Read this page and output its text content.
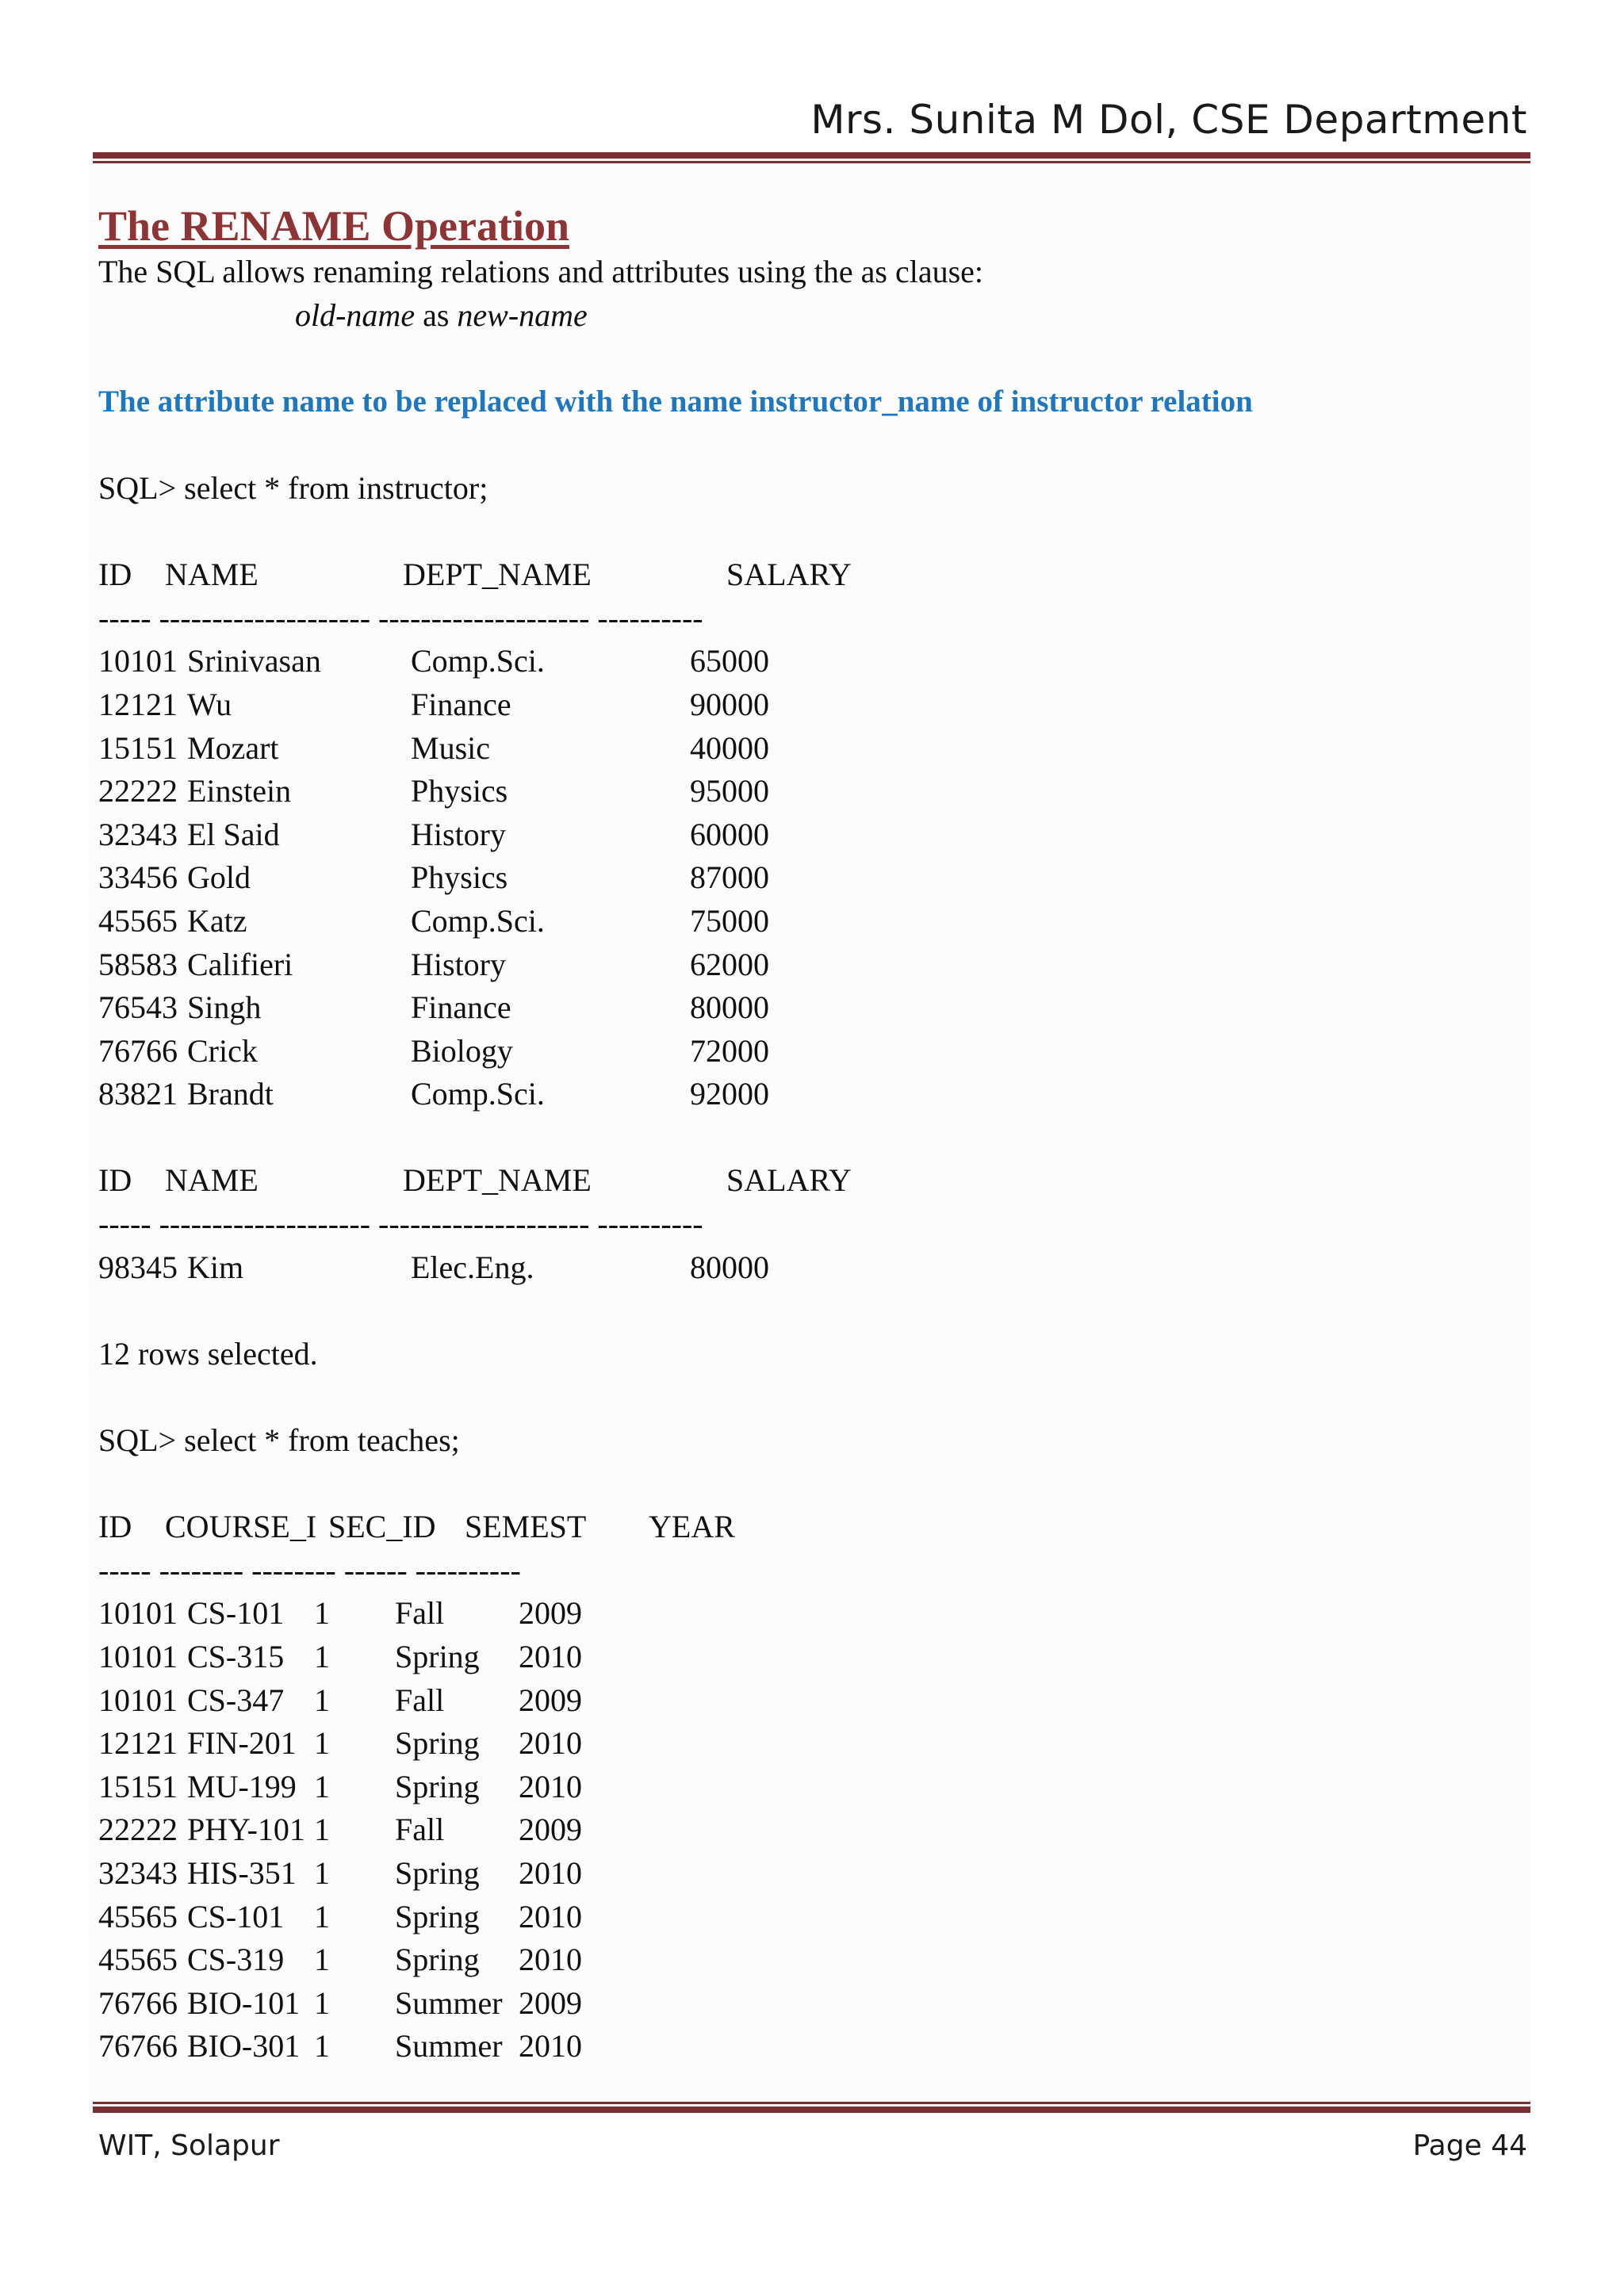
Mrs. Sunita M Dol, CSE Department
The RENAME Operation
The SQL allows renaming relations and attributes using the as clause:
old-name as new-name
The attribute name to be replaced with the name instructor_name of instructor relation
SQL> select * from instructor;
ID NAME	DEPT_NAME	SALARY
----- -------------------- -------------------- ----------
10101 Srinivasan	Comp.Sci.	65000
12121 Wu	Finance	90000
15151 Mozart	Music	40000
22222 Einstein	Physics	95000
32343 El Said	History	60000
33456 Gold	Physics	87000
45565 Katz	Comp.Sci.	75000
58583 Califieri	History	62000
76543 Singh	Finance	80000
76766 Crick	Biology	72000
83821 Brandt	Comp.Sci.	92000
ID NAME	DEPT_NAME	SALARY
----- -------------------- -------------------- ----------
98345 Kim	Elec.Eng.	80000
12 rows selected.
SQL> select * from teaches;
ID COURSE_I SEC_ID SEMEST YEAR
----- -------- -------- ------ ----------
10101 CS-101 1 Fall 2009
10101 CS-315 1 Spring 2010
10101 CS-347 1 Fall 2009
12121 FIN-201 1 Spring 2010
15151 MU-199 1 Spring 2010
22222 PHY-101 1 Fall 2009
32343 HIS-351 1 Spring 2010
45565 CS-101 1 Spring 2010
45565 CS-319 1 Spring 2010
76766 BIO-101 1 Summer 2009
76766 BIO-301 1 Summer 2010
WIT, Solapur	Page 44
